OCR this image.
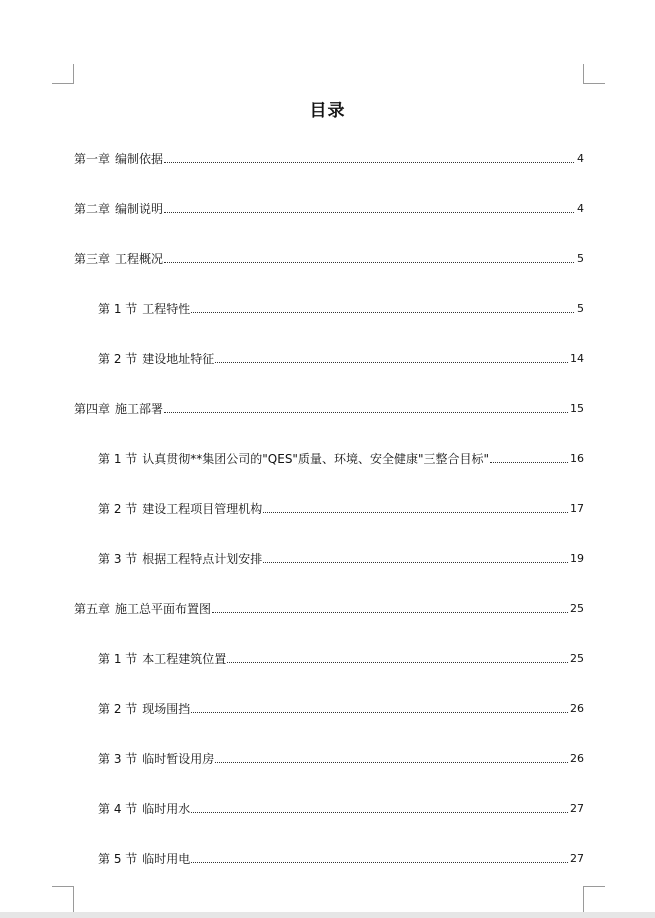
目录
第一章 编制依据	4
第二章 编制说明	4
第三章 工程概况	5
第 1 节 工程特性	5
第 2 节 建设地址特征	14
第四章 施工部署	15
第 1 节 认真贯彻**集团公司的"QES"质量、环境、安全健康"三整合目标"	16
第 2 节 建设工程项目管理机构	17
第 3 节 根据工程特点计划安排	19
第五章 施工总平面布置图	25
第 1 节 本工程建筑位置	25
第 2 节 现场围挡	26
第 3 节 临时暂设用房	26
第 4 节 临时用水	27
第 5 节 临时用电	27
